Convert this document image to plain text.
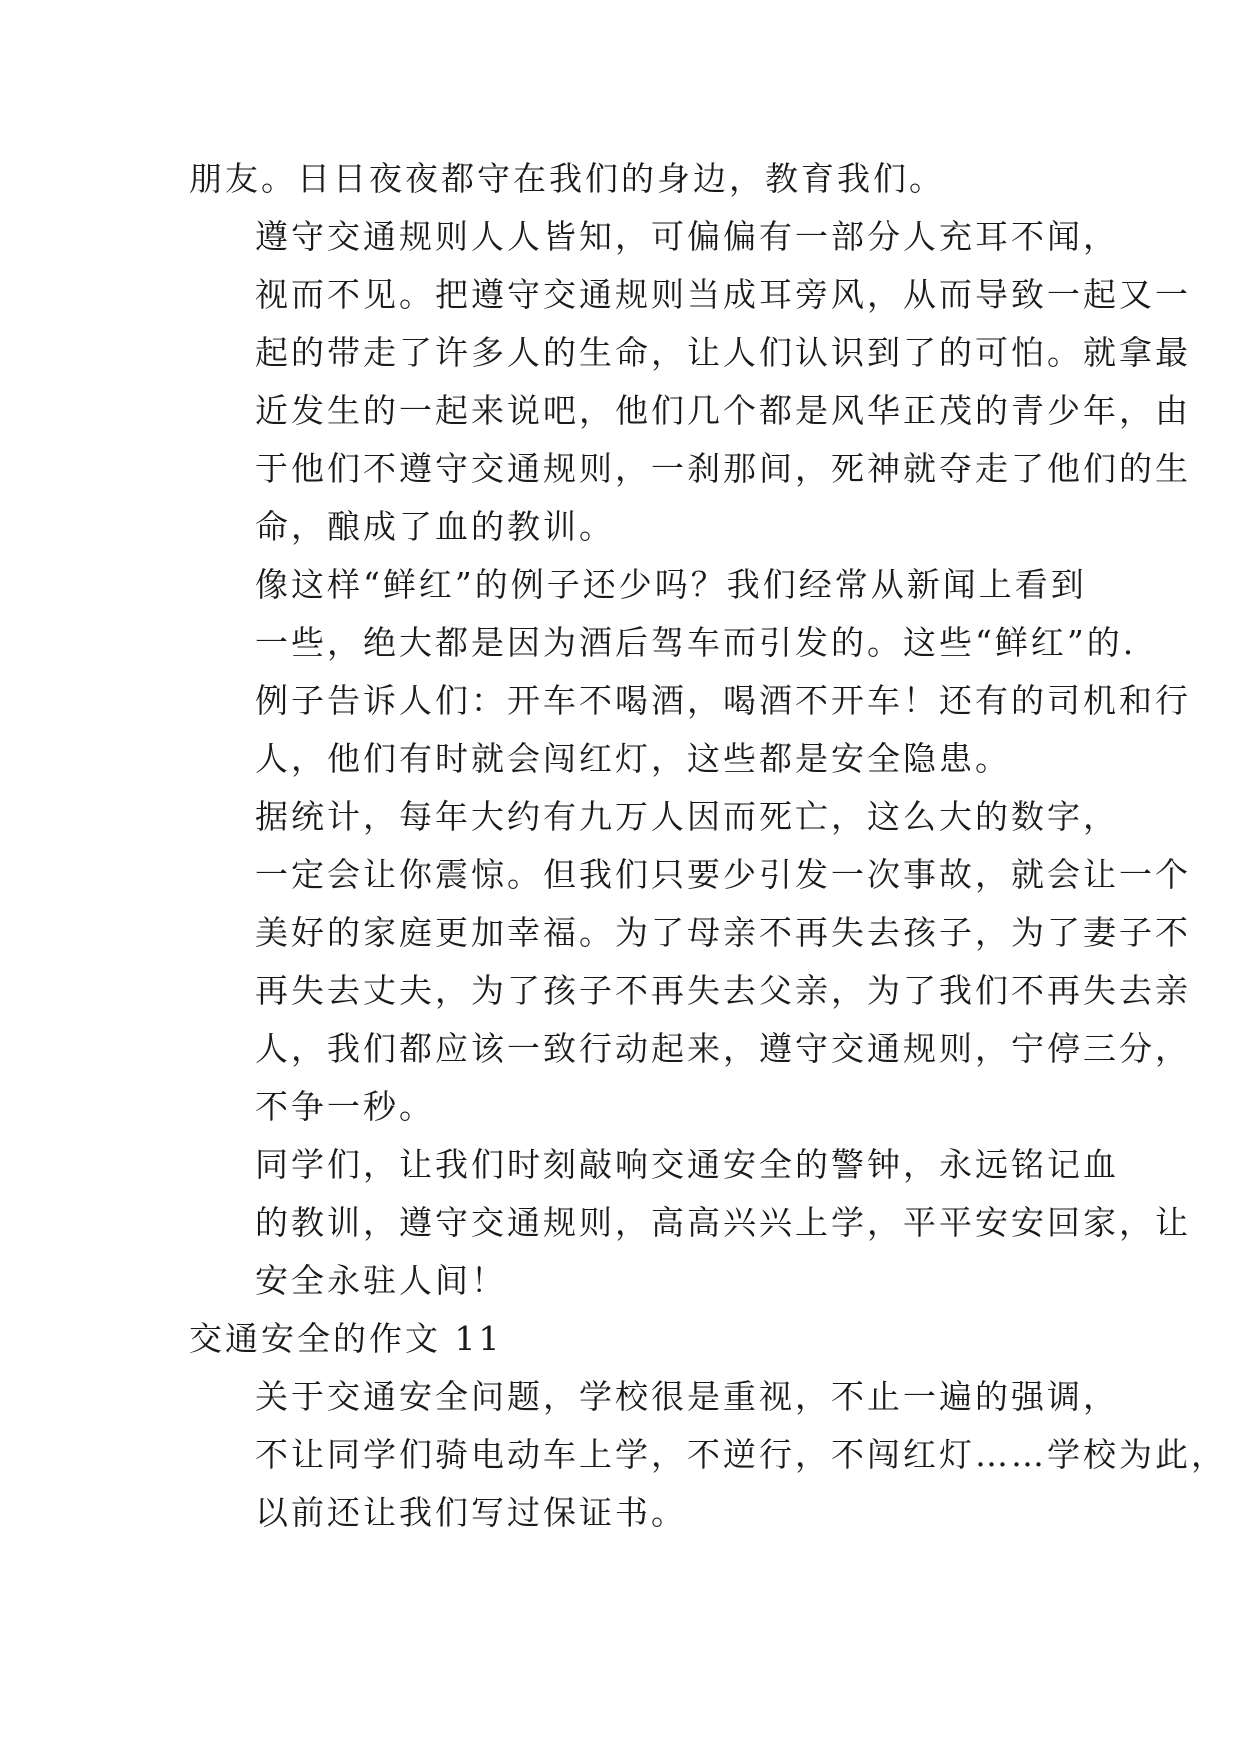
朋友。日日夜夜都守在我们的身边，教育我们。
遵守交通规则人人皆知，可偏偏有一部分人充耳不闻，
视而不见。把遵守交通规则当成耳旁风，从而导致一起又一
起的带走了许多人的生命，让人们认识到了的可怕。就拿最
近发生的一起来说吧，他们几个都是风华正茂的青少年，由
于他们不遵守交通规则，一刹那间，死神就夺走了他们的生
命，酿成了血的教训。
像这样“鲜红”的例子还少吗？我们经常从新闻上看到
一些，绝大都是因为酒后驾车而引发的。这些“鲜红”的.
例子告诉人们：开车不喝酒，喝酒不开车！还有的司机和行
人，他们有时就会闯红灯，这些都是安全隐患。
据统计，每年大约有九万人因而死亡，这么大的数字，
一定会让你震惊。但我们只要少引发一次事故，就会让一个
美好的家庭更加幸福。为了母亲不再失去孩子，为了妻子不
再失去丈夫，为了孩子不再失去父亲，为了我们不再失去亲
人，我们都应该一致行动起来，遵守交通规则，宁停三分，
不争一秒。
同学们，让我们时刻敲响交通安全的警钟，永远铭记血
的教训，遵守交通规则，高高兴兴上学，平平安安回家，让
安全永驻人间！
交通安全的作文 11
关于交通安全问题，学校很是重视，不止一遍的强调，
不让同学们骑电动车上学，不逆行，不闯红灯……学校为此，
以前还让我们写过保证书。
